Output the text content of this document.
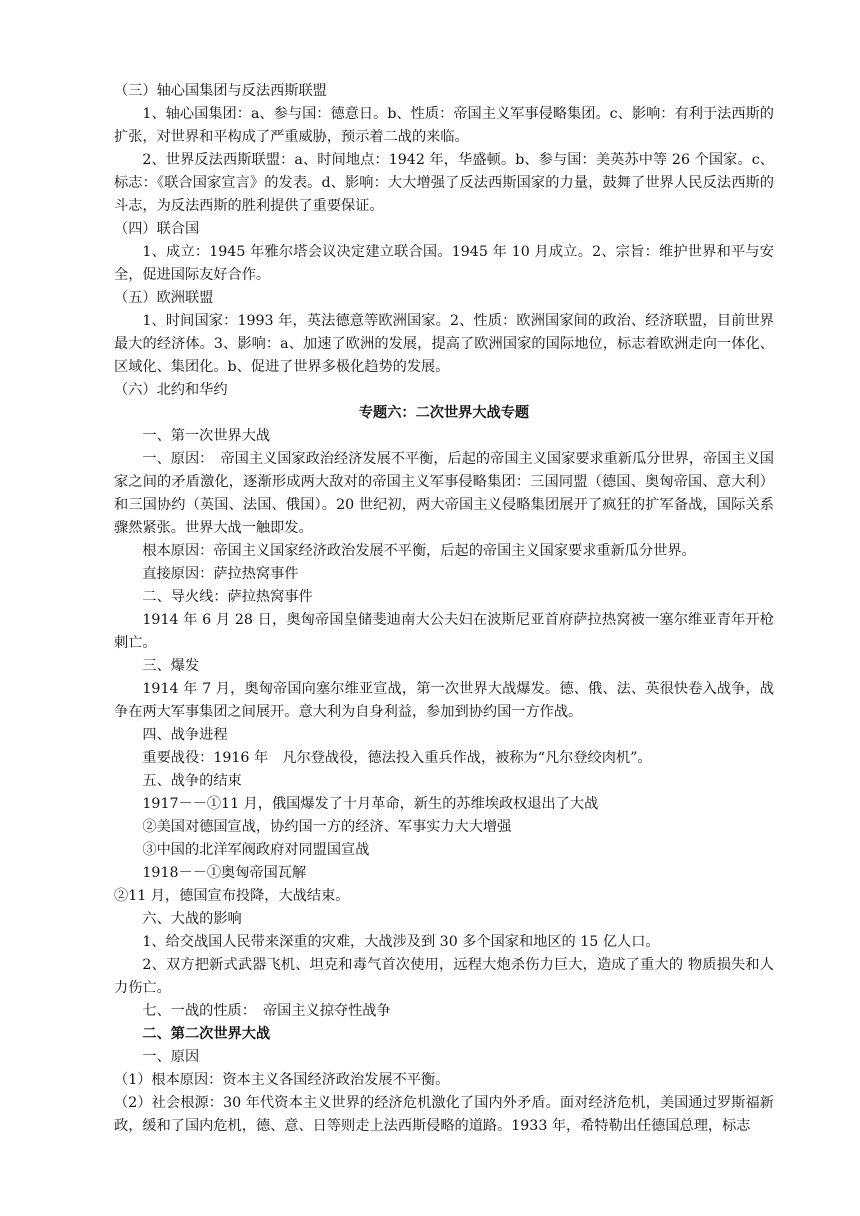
（三）轴心国集团与反法西斯联盟

1、轴心国集团：a、参与国：德意日。b、性质：帝国主义军事侵略集团。c、影响：有利于法西斯的扩张，对世界和平构成了严重威胁，预示着二战的来临。

2、世界反法西斯联盟：a、时间地点：1942 年，华盛顿。b、参与国：美英苏中等 26 个国家。c、标志：《联合国家宣言》的发表。d、影响：大大增强了反法西斯国家的力量，鼓舞了世界人民反法西斯的斗志，为反法西斯的胜利提供了重要保证。

（四）联合国

1、成立：1945 年雅尔塔会议决定建立联合国。1945 年 10 月成立。2、宗旨：维护世界和平与安全，促进国际友好合作。

（五）欧洲联盟

1、时间国家：1993 年，英法德意等欧洲国家。2、性质：欧洲国家间的政治、经济联盟，目前世界最大的经济体。3、影响：a、加速了欧洲的发展，提高了欧洲国家的国际地位，标志着欧洲走向一体化、区域化、集团化。b、促进了世界多极化趋势的发展。

（六）北约和华约

专题六：二次世界大战专题

一、第一次世界大战

一、原因：　帝国主义国家政治经济发展不平衡，后起的帝国主义国家要求重新瓜分世界，帝国主义国家之间的矛盾激化，逐渐形成两大敌对的帝国主义军事侵略集团：三国同盟（德国、奥匈帝国、意大利）和三国协约（英国、法国、俄国）。20 世纪初，两大帝国主义侵略集团展开了疯狂的扩军备战，国际关系骤然紧张。世界大战一触即发。

根本原因：帝国主义国家经济政治发展不平衡，后起的帝国主义国家要求重新瓜分世界。

直接原因：萨拉热窝事件

二、导火线：萨拉热窝事件

1914 年 6 月 28 日，奥匈帝国皇储斐迪南大公夫妇在波斯尼亚首府萨拉热窝被一塞尔维亚青年开枪刺亡。

三、爆发

1914 年 7 月，奥匈帝国向塞尔维亚宣战，第一次世界大战爆发。德、俄、法、英很快卷入战争，战争在两大军事集团之间展开。意大利为自身利益，参加到协约国一方作战。

四、战争进程

重要战役：1916 年　凡尔登战役，德法投入重兵作战，被称为“凡尔登绞肉机”。

五、战争的结束

1917－－①11 月，俄国爆发了十月革命，新生的苏维埃政权退出了大战

②美国对德国宣战，协约国一方的经济、军事实力大大增强

③中国的北洋军阀政府对同盟国宣战

1918－－①奥匈帝国瓦解

②11 月，德国宣布投降，大战结束。

六、大战的影响

1、给交战国人民带来深重的灾难，大战涉及到 30 多个国家和地区的 15 亿人口。

2、双方把新式武器飞机、坦克和毒气首次使用，远程大炮杀伤力巨大，造成了重大的 物质损失和人力伤亡。

七、一战的性质：　帝国主义掠夺性战争

二、第二次世界大战

一、原因

（1）根本原因：资本主义各国经济政治发展不平衡。

（2）社会根源：30 年代资本主义世界的经济危机激化了国内外矛盾。面对经济危机，美国通过罗斯福新政，缓和了国内危机，德、意、日等则走上法西斯侵略的道路。1933 年，希特勒出任德国总理，标志
